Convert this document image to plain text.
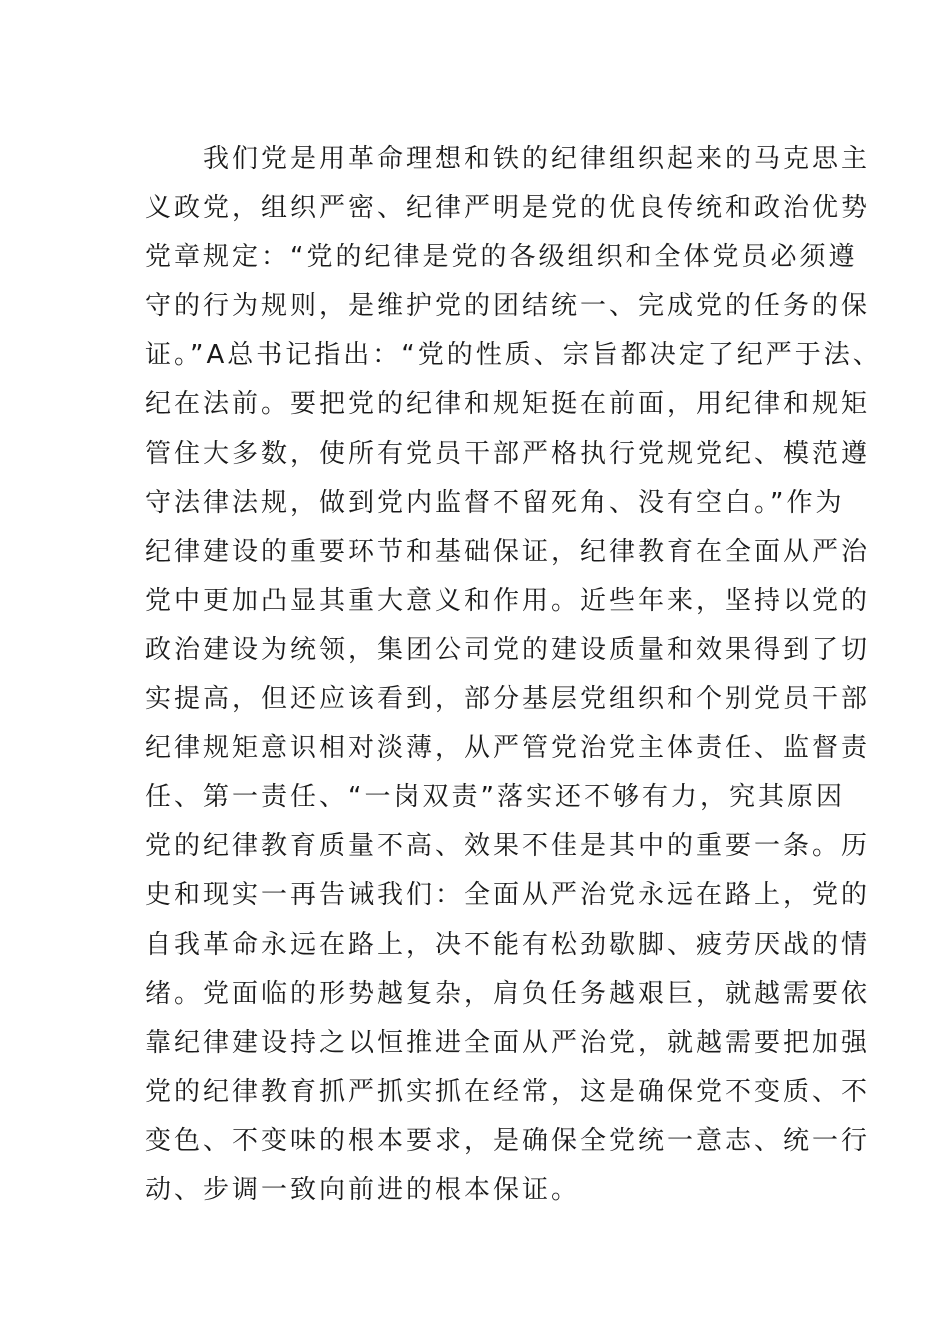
　　我们党是用革命理想和铁的纪律组织起来的马克思主
义政党，组织严密、纪律严明是党的优良传统和政治优势
党章规定：“党的纪律是党的各级组织和全体党员必须遵
守的行为规则，是维护党的团结统一、完成党的任务的保
证。”A总书记指出：“党的性质、宗旨都决定了纪严于法、
纪在法前。要把党的纪律和规矩挺在前面，用纪律和规矩
管住大多数，使所有党员干部严格执行党规党纪、模范遵
守法律法规，做到党内监督不留死角、没有空白。”作为
纪律建设的重要环节和基础保证，纪律教育在全面从严治
党中更加凸显其重大意义和作用。近些年来，坚持以党的
政治建设为统领，集团公司党的建设质量和效果得到了切
实提高，但还应该看到，部分基层党组织和个别党员干部
纪律规矩意识相对淡薄，从严管党治党主体责任、监督责
任、第一责任、“一岗双责”落实还不够有力，究其原因
党的纪律教育质量不高、效果不佳是其中的重要一条。历
史和现实一再告诫我们：全面从严治党永远在路上，党的
自我革命永远在路上，决不能有松劲歇脚、疲劳厌战的情
绪。党面临的形势越复杂，肩负任务越艰巨，就越需要依
靠纪律建设持之以恒推进全面从严治党，就越需要把加强
党的纪律教育抓严抓实抓在经常，这是确保党不变质、不
变色、不变味的根本要求，是确保全党统一意志、统一行
动、步调一致向前进的根本保证。
